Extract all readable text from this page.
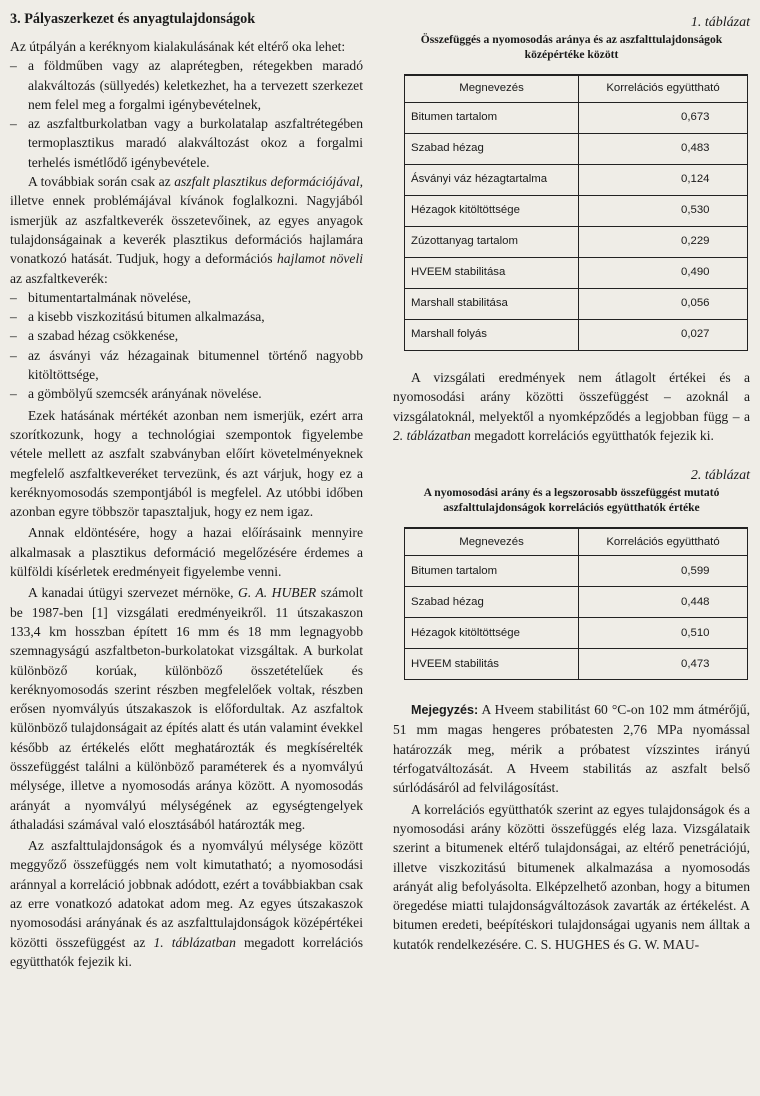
3. Pályaszerkezet és anyagtulajdonságok

Az útpályán a keréknyom kialakulásának két eltérő oka lehet:

– a földműben vagy az alaprétegben, rétegekben maradó alakváltozás (süllyedés) keletkezhet, ha a tervezett szerkezet nem felel meg a forgalmi igénybevételnek,
– az aszfaltburkolatban vagy a burkolatalap aszfaltrétegében termoplasztikus maradó alakváltozást okoz a forgalmi terhelés ismétlődő igénybevétele.

A továbbiak során csak az aszfalt plasztikus deformációjával, illetve ennek problémájával kívánok foglalkozni. Nagyjából ismerjük az aszfaltkeverék összetevőinek, az egyes anyagok tulajdonságainak a keverék plasztikus deformációs hajlamára vonatkozó hatását. Tudjuk, hogy a deformációs hajlamot növeli az aszfaltkeverék:

– bitumentartalmának növelése,
– a kisebb viszkozitású bitumen alkalmazása,
– a szabad hézag csökkenése,
– az ásványi váz hézagainak bitumennel történő nagyobb kitöltöttsége,
– a gömbölyű szemcsék arányának növelése.

Ezek hatásának mértékét azonban nem ismerjük, ezért arra szorítkozunk, hogy a technológiai szempontok figyelembe vétele mellett az aszfalt szabványban előírt követelményeknek megfelelő aszfaltkeveréket tervezünk, és azt várjuk, hogy ez a keréknyomosodás szempontjából is megfelel. Az utóbbi időben azonban egyre többször tapasztaljuk, hogy ez nem igaz.

Annak eldöntésére, hogy a hazai előírásaink mennyire alkalmasak a plasztikus deformáció megelőzésére érdemes a külföldi kísérletek eredményeit figyelembe venni.

A kanadai útügyi szervezet mérnöke, G. A. HUBER számolt be 1987-ben [1] vizsgálati eredményeikről. 11 útszakaszon 133,4 km hosszban épített 16 mm és 18 mm legnagyobb szemnagyságú aszfaltbeton-burkolatokat vizsgáltak. A burkolat különböző korúak, különböző összetételűek és keréknyomosodás szerint részben megfelelőek voltak, részben erősen nyomvályús útszakaszok is előfordultak. Az aszfaltok különböző tulajdonságait az építés alatt és után valamint évekkel később az értékelés előtt meghatározták és megkísérelték összefüggést találni a különböző paraméterek és a nyomvályú mélysége, illetve a nyomosodás aránya között. A nyomosodás arányát a nyomvályú mélységének az egységtengelyek áthaladási számával való elosztásából határozták meg.

Az aszfalttulajdonságok és a nyomvályú mélysége között meggyőző összefüggés nem volt kimutatható; a nyomosodási aránnyal a korreláció jobbnak adódott, ezért a továbbiakban csak az erre vonatkozó adatokat adom meg. Az egyes útszakaszok nyomosodási arányának és az aszfalttulajdonságok középértékei közötti összefüggést az 1. táblázatban megadott korrelációs együtthatók fejezik ki.

1. táblázat
Összefüggés a nyomosodás aránya és az aszfalttulajdonságok középértéke között
Megnevezés	Korrelációs együttható
Bitumen tartalom	0,673
Szabad hézag	0,483
Ásványi váz hézagtartalma	0,124
Hézagok kitöltöttsége	0,530
Zúzottanyag tartalom	0,229
HVEEM stabilitása	0,490
Marshall stabilitása	0,056
Marshall folyás	0,027

A vizsgálati eredmények nem átlagolt értékei és a nyomosodási arány közötti összefüggést – azoknál a vizsgálatoknál, melyektől a nyomképződés a legjobban függ – a 2. táblázatban megadott korrelációs együtthatók fejezik ki.

2. táblázat
A nyomosodási arány és a legszorosabb összefüggést mutató aszfalttulajdonságok korrelációs együtthatók értéke
Megnevezés	Korrelációs együttható
Bitumen tartalom	0,599
Szabad hézag	0,448
Hézagok kitöltöttsége	0,510
HVEEM stabilitás	0,473

Mejegyzés: A Hveem stabilitást 60 °C-on 102 mm átmérőjű, 51 mm magas hengeres próbatesten 2,76 MPa nyomással határozzák meg, mérik a próbatest vízszintes irányú térfogatváltozását. A Hveem stabilitás az aszfalt belső súrlódásáról ad felvilágosítást.

A korrelációs együtthatók szerint az egyes tulajdonságok és a nyomosodási arány közötti összefüggés elég laza. Vizsgálataik szerint a bitumenek eltérő tulajdonságai, az eltérő penetrációjú, illetve viszkozitású bitumenek alkalmazása a nyomosodás arányát alig befolyásolta. Elképzelhető azonban, hogy a bitumen öregedése miatti tulajdonságváltozások zavarták az értékelést. A bitumen eredeti, beépítéskori tulajdonságai ugyanis nem álltak a kutatók rendelkezésére. C. S. HUGHES és G. W. MAU-
